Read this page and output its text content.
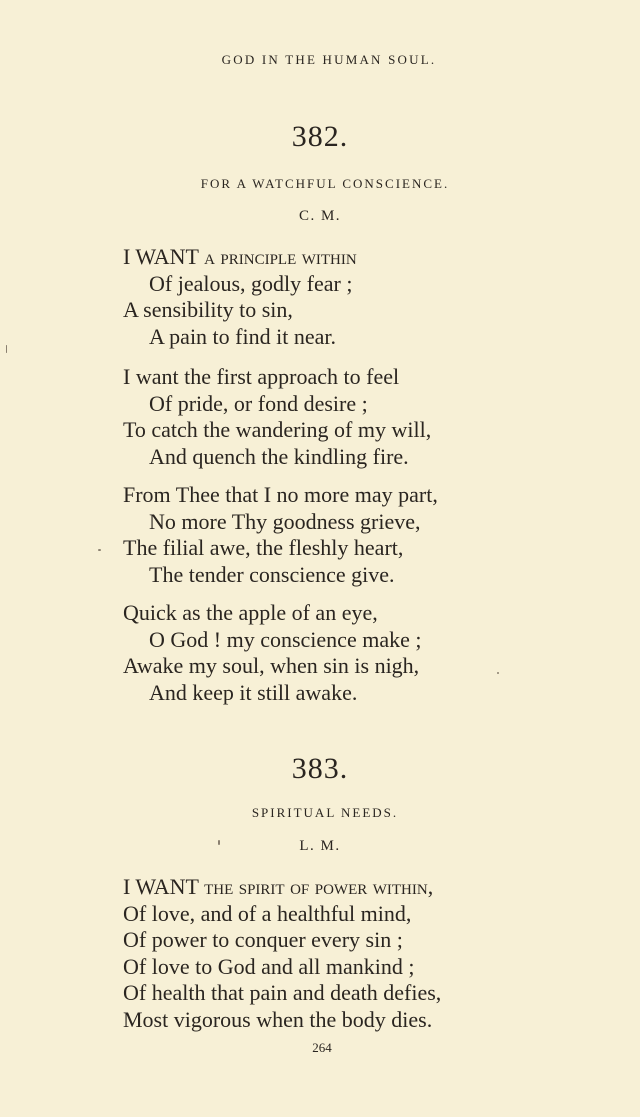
GOD IN THE HUMAN SOUL.
382.
FOR A WATCHFUL CONSCIENCE.
C. M.
I WANT a principle within
Of jealous, godly fear ;
A sensibility to sin,
A pain to find it near.
I want the first approach to feel
Of pride, or fond desire ;
To catch the wandering of my will,
And quench the kindling fire.
From Thee that I no more may part,
No more Thy goodness grieve,
The filial awe, the fleshly heart,
The tender conscience give.
Quick as the apple of an eye,
O God ! my conscience make ;
Awake my soul, when sin is nigh,
And keep it still awake.
383.
SPIRITUAL NEEDS.
L. M.
I WANT the spirit of power within,
Of love, and of a healthful mind,
Of power to conquer every sin ;
Of love to God and all mankind ;
Of health that pain and death defies,
Most vigorous when the body dies.
264
